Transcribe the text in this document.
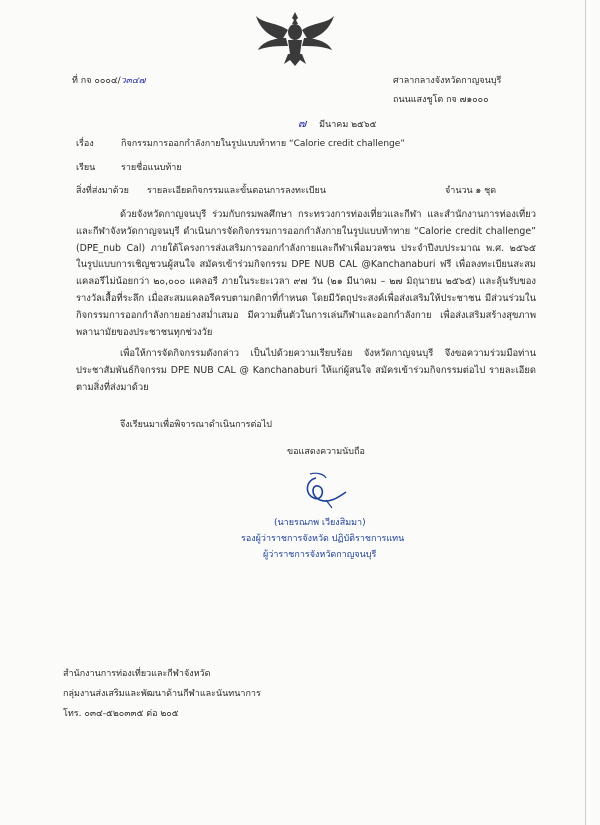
ที่ กจ ๐๐๐๔/ว๓๔๗	ศาลากลางจังหวัดกาญจนบุรี
ถนนแสงชูโต กจ ๗๑๐๐๐
๗ มีนาคม ๒๕๖๕
เรื่อง	กิจกรรมการออกกำลังกายในรูปแบบท้าทาย “Calorie credit challenge”
เรียน	รายชื่อแนบท้าย
สิ่งที่ส่งมาด้วย รายละเอียดกิจกรรมและขั้นตอนการลงทะเบียน	จำนวน ๑ ชุด
ด้วยจังหวัดกาญจนบุรี ร่วมกับกรมพลศึกษา กระทรวงการท่องเที่ยวและกีฬา และสำนักงานการท่องเที่ยวและกีฬาจังหวัดกาญจนบุรี ดำเนินการจัดกิจกรรมการออกกำลังกายในรูปแบบท้าทาย “Calorie credit challenge” (DPE_nub Cal) ภายใต้โครงการส่งเสริมการออกกำลังกายและกีฬาเพื่อมวลชน ประจำปีงบประมาณ พ.ศ. ๒๕๖๕ ในรูปแบบการเชิญชวนผู้สนใจ สมัครเข้าร่วมกิจกรรม DPE NUB CAL @Kanchanaburi ฟรี เพื่อลงทะเบียนสะสมแคลอรีไม่น้อยกว่า ๒๐,๐๐๐ แคลอรี ภายในระยะเวลา ๙๗ วัน (๒๑ มีนาคม – ๒๗ มิถุนายน ๒๕๖๕) และลุ้นรับของรางวัลเสื้อที่ระลึก เมื่อสะสมแคลอรีครบตามกติกาที่กำหนด โดยมีวัตถุประสงค์เพื่อส่งเสริมให้ประชาชน มีส่วนร่วมในกิจกรรมการออกกำลังกายอย่างสม่ำเสมอ มีความตื่นตัวในการเล่นกีฬาและออกกำลังกาย เพื่อส่งเสริมสร้างสุขภาพพลานามัยของประชาชนทุกช่วงวัย
เพื่อให้การจัดกิจกรรมดังกล่าว เป็นไปด้วยความเรียบร้อย จังหวัดกาญจนบุรี จึงขอความร่วมมือท่าน ประชาสัมพันธ์กิจกรรม DPE NUB CAL @ Kanchanaburi ให้แก่ผู้สนใจ สมัครเข้าร่วมกิจกรรมต่อไป รายละเอียดตามสิ่งที่ส่งมาด้วย
จึงเรียนมาเพื่อพิจารณาดำเนินการต่อไป
ขอแสดงความนับถือ
(นายรณภพ เวียงสิมมา)
รองผู้ว่าราชการจังหวัด ปฏิบัติราชการแทน
ผู้ว่าราชการจังหวัดกาญจนบุรี
สำนักงานการท่องเที่ยวและกีฬาจังหวัด
กลุ่มงานส่งเสริมและพัฒนาด้านกีฬาและนันทนาการ
โทร. ๐๓๔-๕๒๐๓๓๕ ต่อ ๒๐๕
